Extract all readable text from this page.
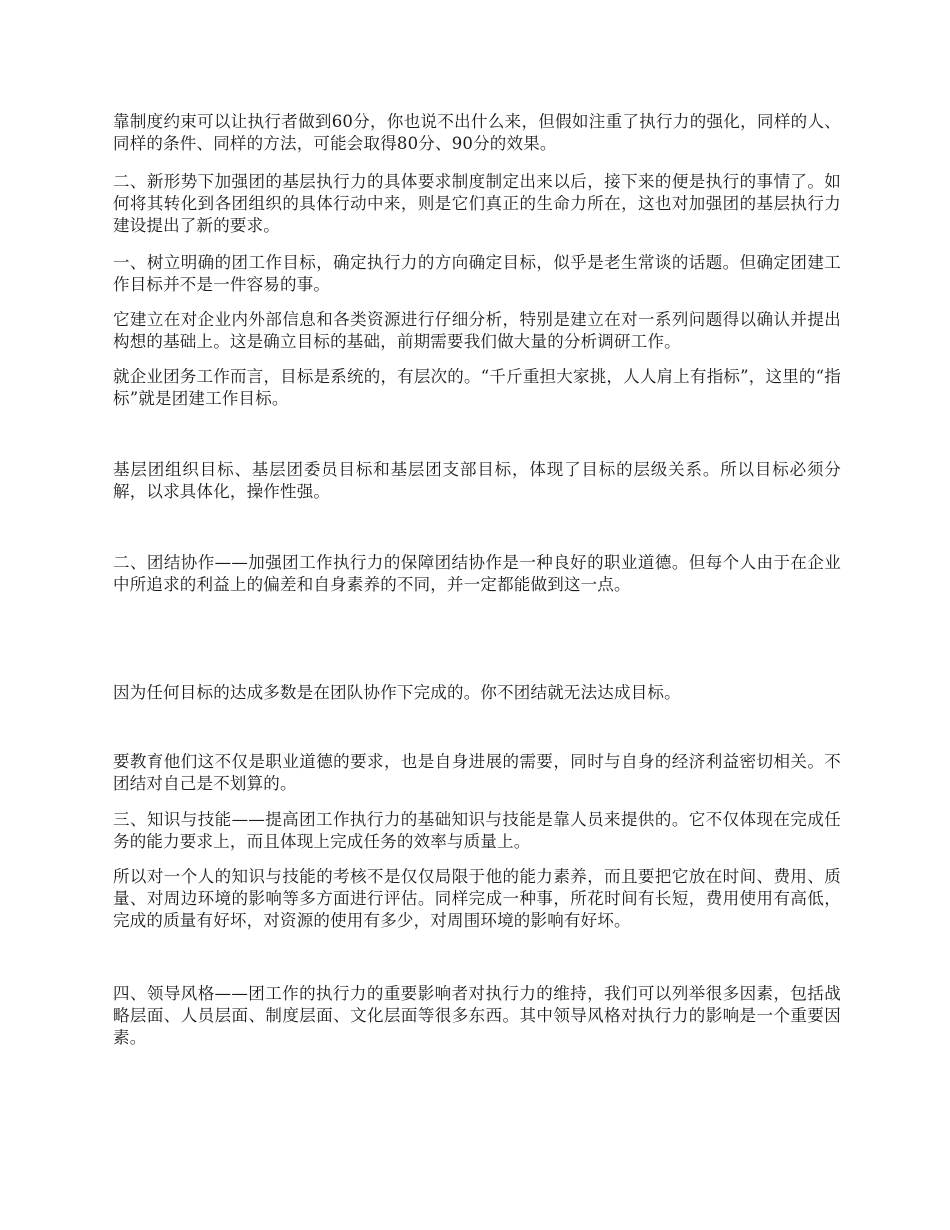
靠制度约束可以让执行者做到60分，你也说不出什么来，但假如注重了执行力的强化，同样的人、同样的条件、同样的方法，可能会取得80分、90分的效果。

二、新形势下加强团的基层执行力的具体要求制度制定出来以后，接下来的便是执行的事情了。如何将其转化到各团组织的具体行动中来，则是它们真正的生命力所在，这也对加强团的基层执行力建设提出了新的要求。

一、树立明确的团工作目标，确定执行力的方向确定目标，似乎是老生常谈的话题。但确定团建工作目标并不是一件容易的事。

它建立在对企业内外部信息和各类资源进行仔细分析，特别是建立在对一系列问题得以确认并提出构想的基础上。这是确立目标的基础，前期需要我们做大量的分析调研工作。

就企业团务工作而言，目标是系统的，有层次的。“千斤重担大家挑，人人肩上有指标”，这里的“指标”就是团建工作目标。

基层团组织目标、基层团委员目标和基层团支部目标，体现了目标的层级关系。所以目标必须分解，以求具体化，操作性强。

二、团结协作——加强团工作执行力的保障团结协作是一种良好的职业道德。但每个人由于在企业中所追求的利益上的偏差和自身素养的不同，并一定都能做到这一点。

因为任何目标的达成多数是在团队协作下完成的。你不团结就无法达成目标。

要教育他们这不仅是职业道德的要求，也是自身进展的需要，同时与自身的经济利益密切相关。不团结对自己是不划算的。

三、知识与技能——提高团工作执行力的基础知识与技能是靠人员来提供的。它不仅体现在完成任务的能力要求上，而且体现上完成任务的效率与质量上。

所以对一个人的知识与技能的考核不是仅仅局限于他的能力素养，而且要把它放在时间、费用、质量、对周边环境的影响等多方面进行评估。同样完成一种事，所花时间有长短，费用使用有高低，完成的质量有好坏，对资源的使用有多少，对周围环境的影响有好坏。

四、领导风格——团工作的执行力的重要影响者对执行力的维持，我们可以列举很多因素，包括战略层面、人员层面、制度层面、文化层面等很多东西。其中领导风格对执行力的影响是一个重要因素。
